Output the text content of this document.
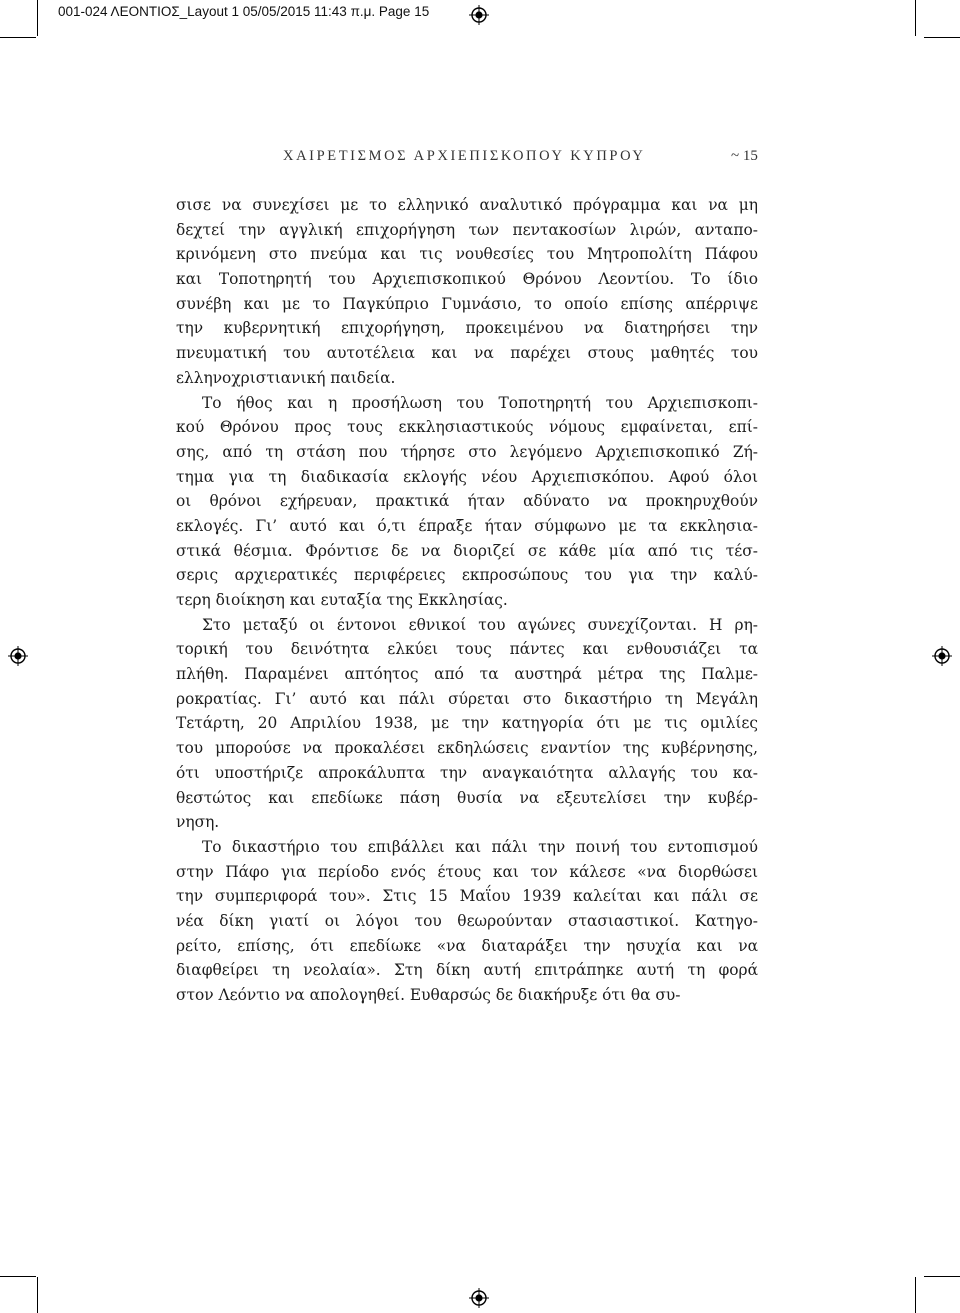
001-024 ΛΕΟΝΤΙΟΣ_Layout 1 05/05/2015 11:43 π.μ. Page 15
ΧΑΙΡΕΤΙΣΜΟΣ ΑΡΧΙΕΠΙΣΚΟΠΟΥ ΚΥΠΡΟΥ	~ 15
σισε να συνεχίσει με το ελληνικό αναλυτικό πρόγραμμα και να μη
δεχτεί την αγγλική επιχορήγηση των πεντακοσίων λιρών, ανταπο-
κρινόμενη στο πνεύμα και τις νουθεσίες του Μητροπολίτη Πάφου
και Τοποτηρητή του Αρχιεπισκοπικού Θρόνου Λεοντίου. Το ίδιο
συνέβη και με το Παγκύπριο Γυμνάσιο, το οποίο επίσης απέρριψε
την κυβερνητική επιχορήγηση, προκειμένου να διατηρήσει την
πνευματική του αυτοτέλεια και να παρέχει στους μαθητές του
ελληνοχριστιανική παιδεία.
Το ήθος και η προσήλωση του Τοποτηρητή του Αρχιεπισκοπι-
κού Θρόνου προς τους εκκλησιαστικούς νόμους εμφαίνεται, επί-
σης, από τη στάση που τήρησε στο λεγόμενο Αρχιεπισκοπικό Ζή-
τημα για τη διαδικασία εκλογής νέου Αρχιεπισκόπου. Αφού όλοι
οι θρόνοι εχήρευαν, πρακτικά ήταν αδύνατο να προκηρυχθούν
εκλογές. Γι’ αυτό και ό,τι έπραξε ήταν σύμφωνο με τα εκκλησια-
στικά θέσμια. Φρόντισε δε να διοριζεί σε κάθε μία από τις τέσ-
σερις αρχιερατικές περιφέρειες εκπροσώπους του για την καλύ-
τερη διοίκηση και ευταξία της Εκκλησίας.
Στο μεταξύ οι έντονοι εθνικοί του αγώνες συνεχίζονται. Η ρη-
τορική του δεινότητα ελκύει τους πάντες και ενθουσιάζει τα
πλήθη. Παραμένει απτόητος από τα αυστηρά μέτρα της Παλμε-
ροκρατίας. Γι’ αυτό και πάλι σύρεται στο δικαστήριο τη Μεγάλη
Τετάρτη, 20 Απριλίου 1938, με την κατηγορία ότι με τις ομιλίες
του μπορούσε να προκαλέσει εκδηλώσεις εναντίον της κυβέρνησης,
ότι υποστήριζε απροκάλυπτα την αναγκαιότητα αλλαγής του κα-
θεστώτος και επεδίωκε πάση θυσία να εξευτελίσει την κυβέρ-
νηση.
Το δικαστήριο του επιβάλλει και πάλι την ποινή του εντοπισμού
στην Πάφο για περίοδο ενός έτους και τον κάλεσε «να διορθώσει
την συμπεριφορά του». Στις 15 Μαΐου 1939 καλείται και πάλι σε
νέα δίκη γιατί οι λόγοι του θεωρούνταν στασιαστικοί. Κατηγο-
ρείτο, επίσης, ότι επεδίωκε «να διαταράξει την ησυχία και να
διαφθείρει τη νεολαία». Στη δίκη αυτή επιτράπηκε αυτή τη φορά
στον Λεόντιο να απολογηθεί. Ευθαρσώς δε διακήρυξε ότι θα συ-
